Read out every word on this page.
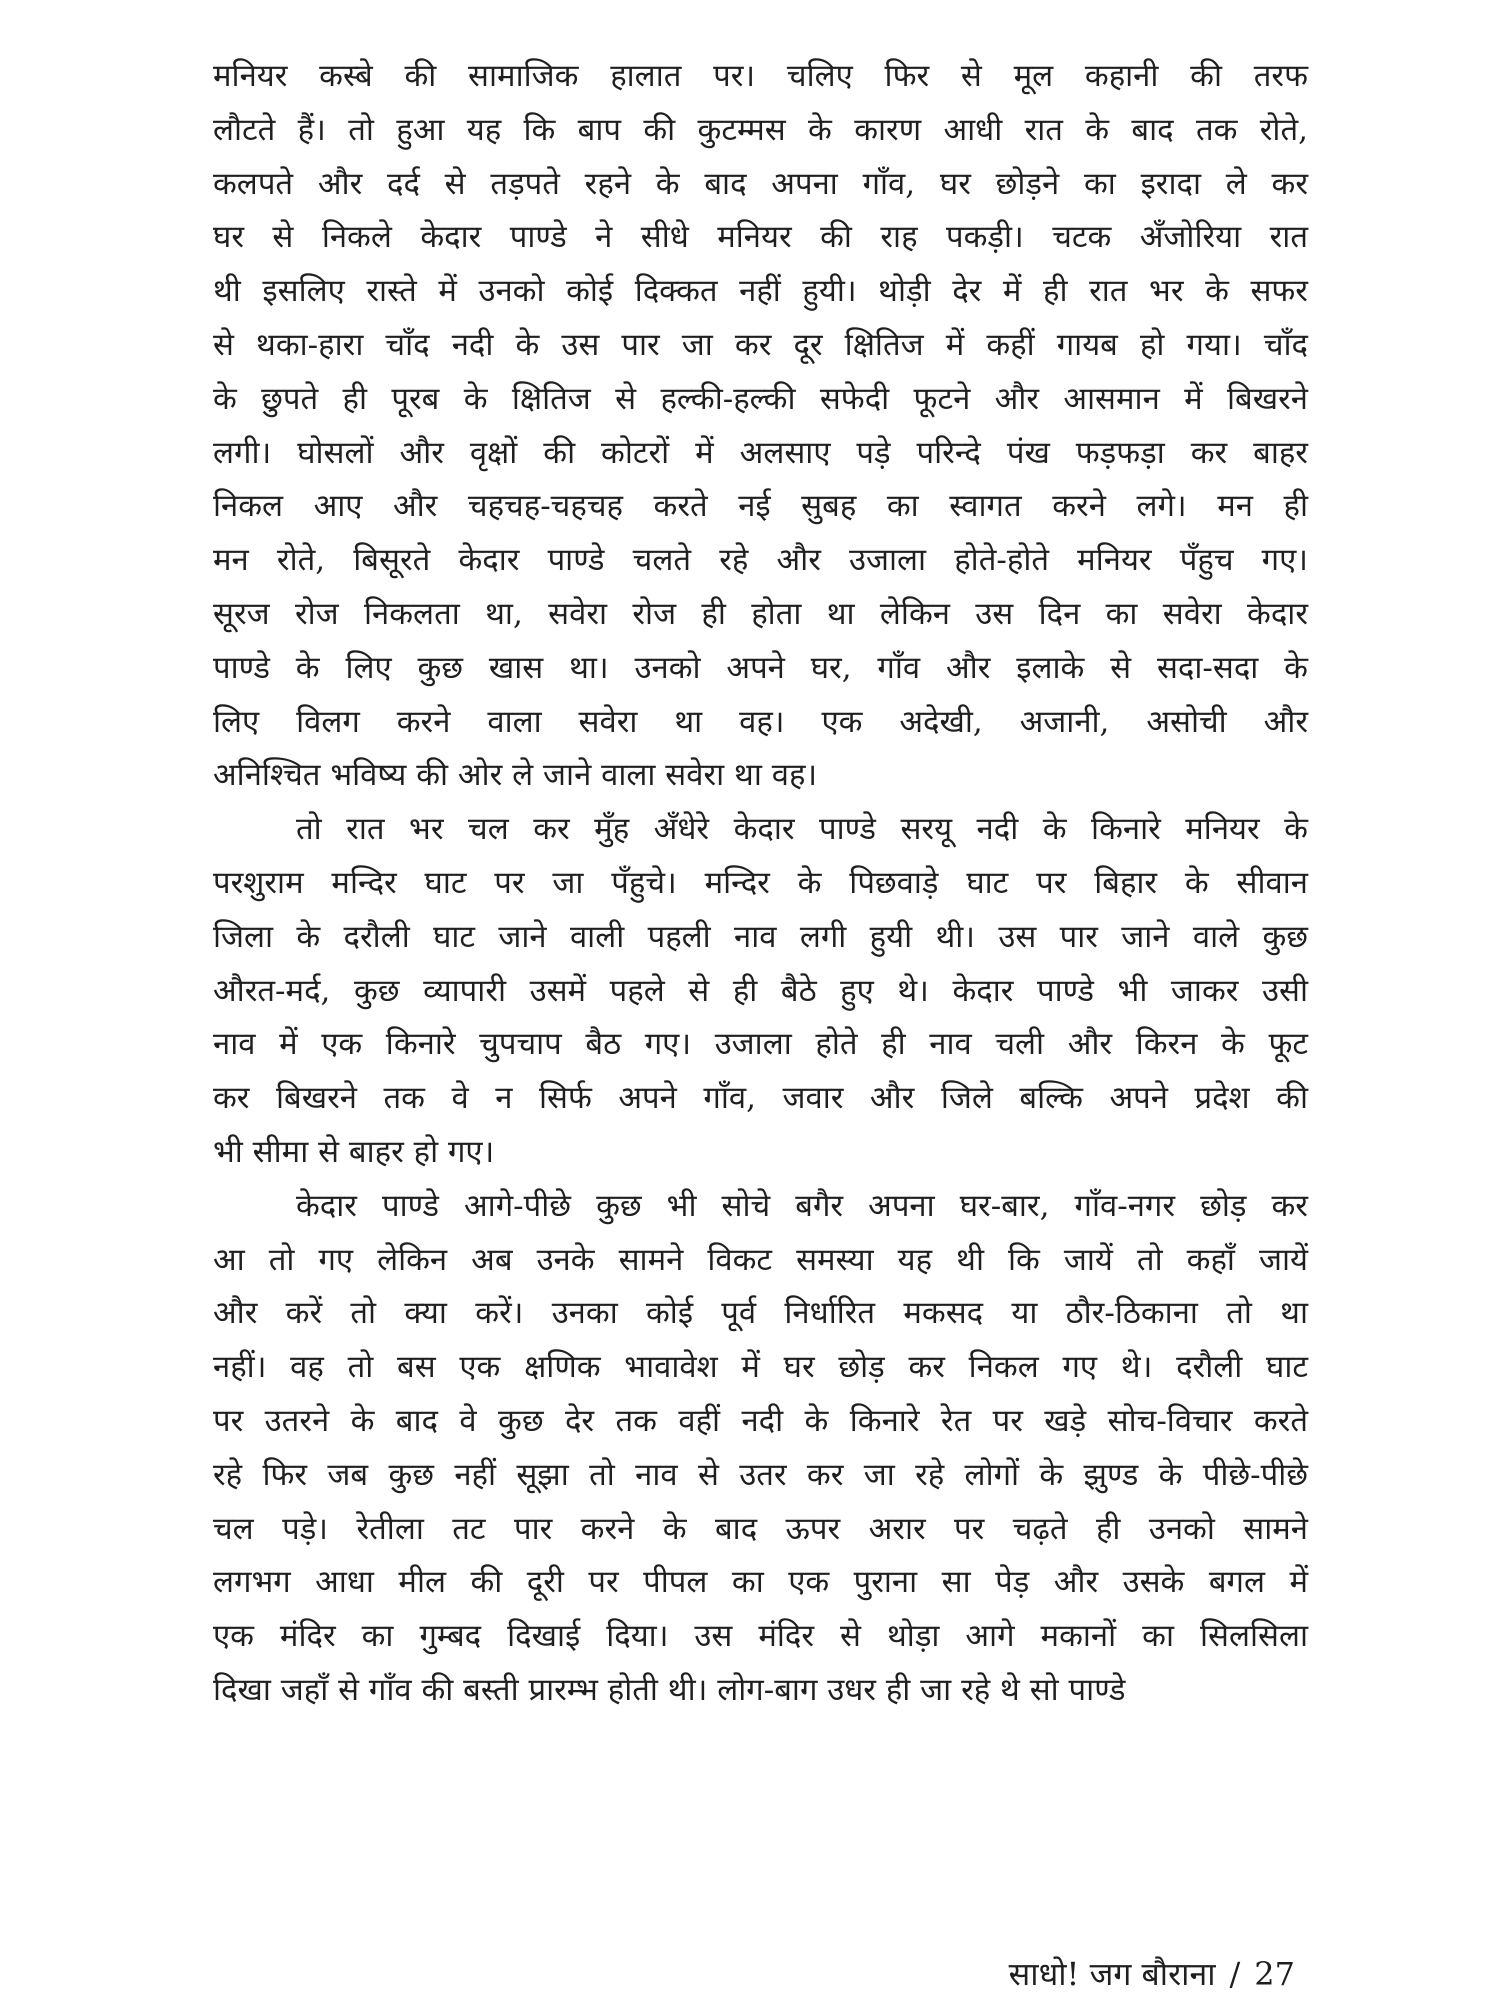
मनियर कस्बे की सामाजिक हालात पर। चलिए फिर से मूल कहानी की तरफ
लौटते हैं। तो हुआ यह कि बाप की कुटम्मस के कारण आधी रात के बाद तक रोते,
कलपते और दर्द से तड़पते रहने के बाद अपना गाँव, घर छोड़ने का इरादा ले कर
घर से निकले केदार पाण्डे ने सीधे मनियर की राह पकड़ी। चटक अँजोरिया रात
थी इसलिए रास्ते में उनको कोई दिक्कत नहीं हुयी। थोड़ी देर में ही रात भर के सफर
से थका-हारा चाँद नदी के उस पार जा कर दूर क्षितिज में कहीं गायब हो गया। चाँद
के छुपते ही पूरब के क्षितिज से हल्की-हल्की सफेदी फूटने और आसमान में बिखरने
लगी। घोसलों और वृक्षों की कोटरों में अलसाए पड़े परिन्दे पंख फड़फड़ा कर बाहर
निकल आए और चहचह-चहचह करते नई सुबह का स्वागत करने लगे। मन ही
मन रोते, बिसूरते केदार पाण्डे चलते रहे और उजाला होते-होते मनियर पँहुच गए।
सूरज रोज निकलता था, सवेरा रोज ही होता था लेकिन उस दिन का सवेरा केदार
पाण्डे के लिए कुछ खास था। उनको अपने घर, गाँव और इलाके से सदा-सदा के
लिए विलग करने वाला सवेरा था वह। एक अदेखी, अजानी, असोची और
अनिश्चित भविष्य की ओर ले जाने वाला सवेरा था वह।
तो रात भर चल कर मुँह अँधेरे केदार पाण्डे सरयू नदी के किनारे मनियर के
परशुराम मन्दिर घाट पर जा पँहुचे। मन्दिर के पिछवाड़े घाट पर बिहार के सीवान
जिला के दरौली घाट जाने वाली पहली नाव लगी हुयी थी। उस पार जाने वाले कुछ
औरत-मर्द, कुछ व्यापारी उसमें पहले से ही बैठे हुए थे। केदार पाण्डे भी जाकर उसी
नाव में एक किनारे चुपचाप बैठ गए। उजाला होते ही नाव चली और किरन के फूट
कर बिखरने तक वे न सिर्फ अपने गाँव, जवार और जिले बल्कि अपने प्रदेश की
भी सीमा से बाहर हो गए।
केदार पाण्डे आगे-पीछे कुछ भी सोचे बगैर अपना घर-बार, गाँव-नगर छोड़ कर
आ तो गए लेकिन अब उनके सामने विकट समस्या यह थी कि जायें तो कहाँ जायें
और करें तो क्या करें। उनका कोई पूर्व निर्धारित मकसद या ठौर-ठिकाना तो था
नहीं। वह तो बस एक क्षणिक भावावेश में घर छोड़ कर निकल गए थे। दरौली घाट
पर उतरने के बाद वे कुछ देर तक वहीं नदी के किनारे रेत पर खड़े सोच-विचार करते
रहे फिर जब कुछ नहीं सूझा तो नाव से उतर कर जा रहे लोगों के झुण्ड के पीछे-पीछे
चल पड़े। रेतीला तट पार करने के बाद ऊपर अरार पर चढ़ते ही उनको सामने
लगभग आधा मील की दूरी पर पीपल का एक पुराना सा पेड़ और उसके बगल में
एक मंदिर का गुम्बद दिखाई दिया। उस मंदिर से थोड़ा आगे मकानों का सिलसिला
दिखा जहाँ से गाँव की बस्ती प्रारम्भ होती थी। लोग-बाग उधर ही जा रहे थे सो पाण्डे
साधो! जग बौराना / 27
